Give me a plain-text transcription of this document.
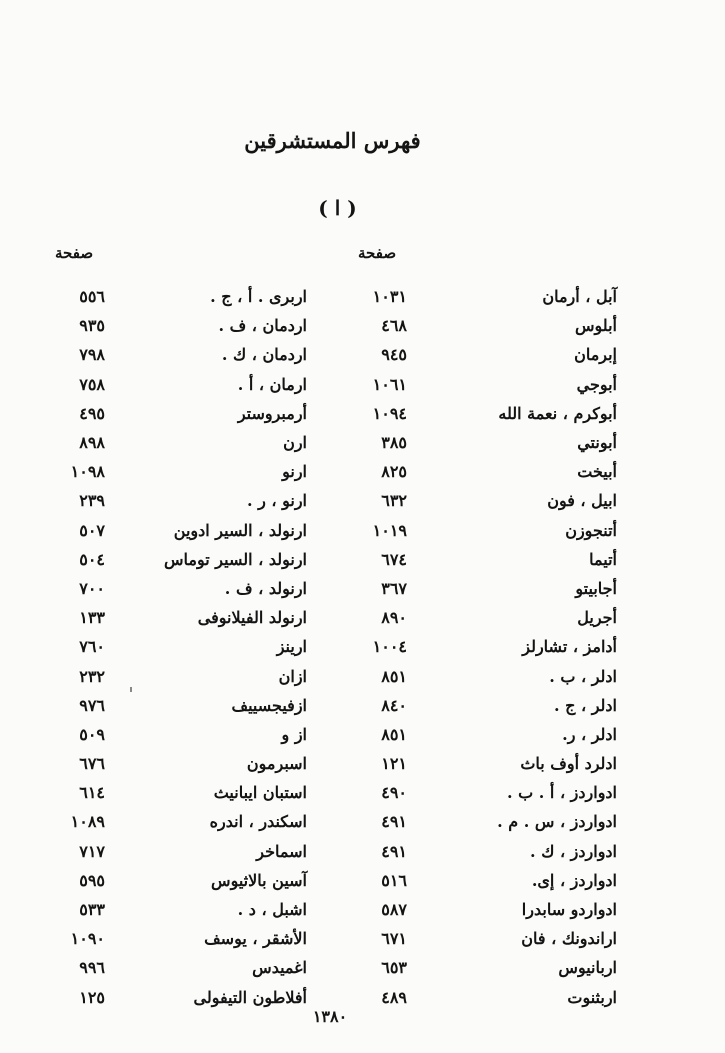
فهرس المستشرقين
( ا )
صفحة	صفحة
آبل ، أرمان
١٠٣١
أبلوس
٤٦٨
إبرمان
٩٤٥
أبوجي
١٠٦١
أبوكرم ، نعمة الله
١٠٩٤
أبونتي
٣٨٥
أبيخت
٨٢٥
ابيل ، فون
٦٣٢
أتنجوزن
١٠١٩
أتيما
٦٧٤
أجابيتو
٣٦٧
أجريل
٨٩٠
أدامز ، تشارلز
١٠٠٤
ادلر ، ب .
٨٥١
ادلر ، ج .
٨٤٠
ادلر ، ر.
٨٥١
ادلرد أوف باث
١٢١
ادواردز ، أ . ب .
٤٩٠
ادواردز ، س . م .
٤٩١
ادواردز ، ك .
٤٩١
ادواردز ، إى.
٥١٦
ادواردو سابدرا
٥٨٧
اراندونك ، فان
٦٧١
اربانيوس
٦٥٣
اربثنوت
٤٨٩
اربرى . أ ، ج .
٥٥٦
اردمان ، ف .
٩٣٥
اردمان ، ك .
٧٩٨
ارمان ، أ .
٧٥٨
أرمبروستر
٤٩٥
ارن
٨٩٨
ارنو
١٠٩٨
ارنو ، ر .
٢٣٩
ارنولد ، السير ادوين
٥٠٧
ارنولد ، السير توماس
٥٠٤
ارنولد ، ف .
٧٠٠
ارنولد الفيلانوفى
١٣٣
ارينز
٧٦٠
ازان
٢٣٢
ازفيجسييف
٩٧٦
از و
٥٠٩
اسبرمون
٦٧٦
استبان ايبانيث
٦١٤
اسكندر ، اندره
١٠٨٩
اسماخر
٧١٧
آسين بالاثيوس
٥٩٥
اشبل ، د .
٥٣٣
الأشقر ، يوسف
١٠٩٠
اغميدس
٩٩٦
أفلاطون التيفولى
١٢٥
١٣٨٠
